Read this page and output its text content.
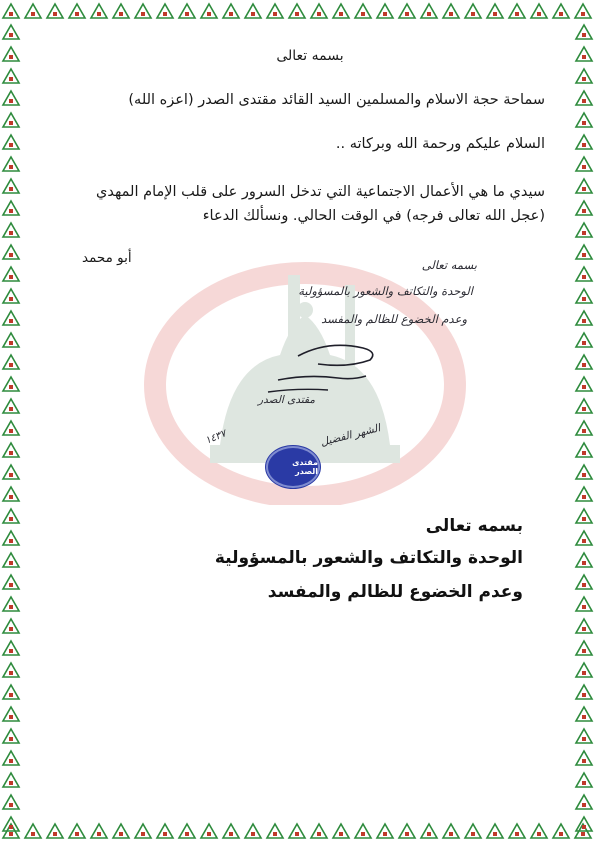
بسمه تعالى
سماحة حجة الاسلام والمسلمين السيد القائد مقتدى الصدر (اعزه الله)
السلام عليكم ورحمة الله وبركاته ..
سيدي ما هي الأعمال الاجتماعية التي تدخل السرور على قلب الإمام المهدي
(عجل الله تعالى فرجه) في الوقت الحالي. ونسألك الدعاء
أبو محمد	بسمه تعالى
الوحدة والتكاتف والشعور بالمسؤولية
وعدم الخضوع للظالم والمفسد
مقتدى الصدر
الشهر الفضيل
١٤٣٧
مقتدى الصدر
بسمه تعالى
الوحدة والتكاتف والشعور بالمسؤولية
وعدم الخضوع للظالم والمفسد
